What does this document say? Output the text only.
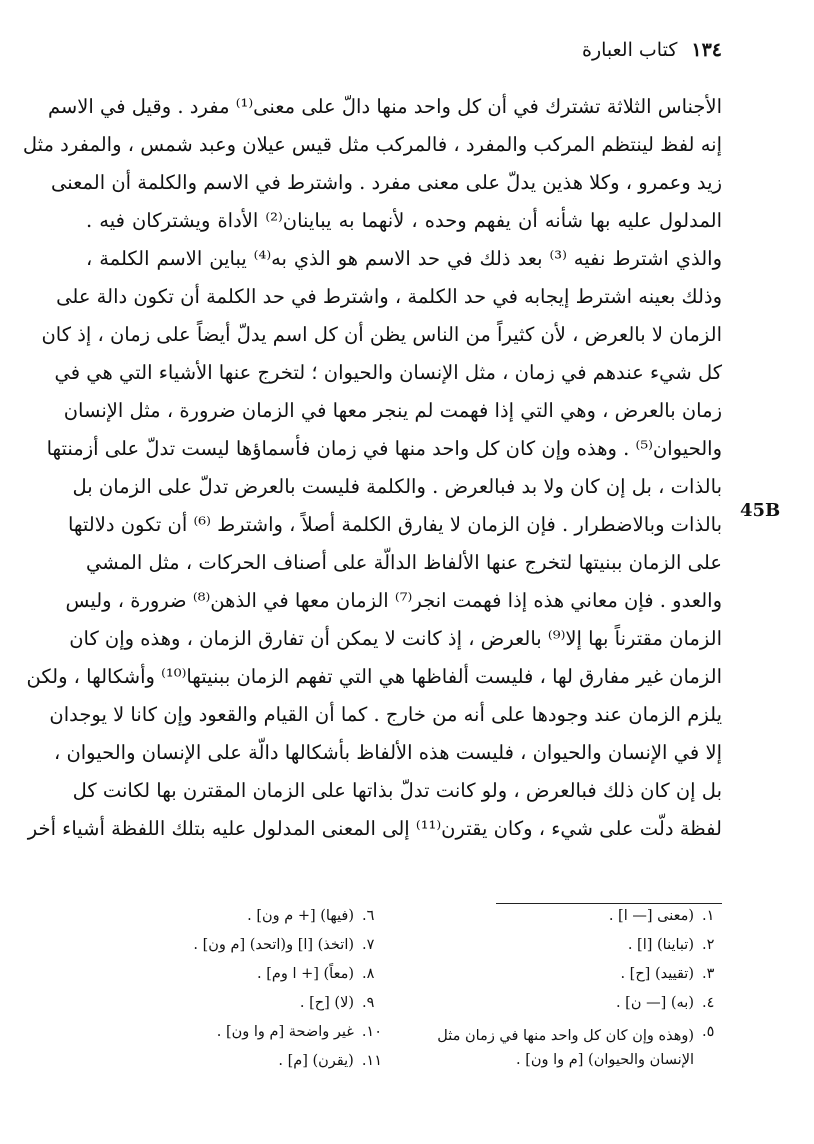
١٣٤
كتاب العبارة
45B
الأجناس الثلاثة تشترك في أن كل واحد منها دالّ على معنى⁽¹⁾ مفرد . وقيل في الاسم
إنه لفظ لينتظم المركب والمفرد ، فالمركب مثل قيس عيلان وعبد شمس ، والمفرد مثل
زيد وعمرو ، وكلا هذين يدلّ على معنى مفرد . واشترط في الاسم والكلمة أن المعنى
المدلول عليه بها شأنه أن يفهم وحده ، لأنهما به يباينان⁽²⁾ الأداة ويشتركان فيه .
والذي اشترط نفيه ⁽³⁾ بعد ذلك في حد الاسم هو الذي به⁽⁴⁾ يباين الاسم الكلمة ،
وذلك بعينه اشترط إيجابه في حد الكلمة ، واشترط في حد الكلمة أن تكون دالة على
الزمان لا بالعرض ، لأن كثيراً من الناس يظن أن كل اسم يدلّ أيضاً على زمان ، إذ كان
كل شيء عندهم في زمان ، مثل الإنسان والحيوان ؛ لتخرج عنها الأشياء التي هي في
زمان بالعرض ، وهي التي إذا فهمت لم ينجر معها في الزمان ضرورة ، مثل الإنسان
والحيوان⁽⁵⁾ . وهذه وإن كان كل واحد منها في زمان فأسماؤها ليست تدلّ على أزمنتها
بالذات ، بل إن كان ولا بد فبالعرض . والكلمة فليست بالعرض تدلّ على الزمان بل
بالذات وبالاضطرار . فإن الزمان لا يفارق الكلمة أصلاً ، واشترط ⁽⁶⁾ أن تكون دلالتها
على الزمان ببنيتها لتخرج عنها الألفاظ الدالّة على أصناف الحركات ، مثل المشي
والعدو . فإن معاني هذه إذا فهمت انجر⁽⁷⁾ الزمان معها في الذهن⁽⁸⁾ ضرورة ، وليس
الزمان مقترناً بها إلا⁽⁹⁾ بالعرض ، إذ كانت لا يمكن أن تفارق الزمان ، وهذه وإن كان
الزمان غير مفارق لها ، فليست ألفاظها هي التي تفهم الزمان ببنيتها⁽¹⁰⁾ وأشكالها ، ولكن
يلزم الزمان عند وجودها على أنه من خارج . كما أن القيام والقعود وإن كانا لا يوجدان
إلا في الإنسان والحيوان ، فليست هذه الألفاظ بأشكالها دالّة على الإنسان والحيوان ،
بل إن كان ذلك فبالعرض ، ولو كانت تدلّ بذاتها على الزمان المقترن بها لكانت كل
لفظة دلّت على شيء ، وكان يقترن⁽¹¹⁾ إلى المعنى المدلول عليه بتلك اللفظة أشياء أخر
١.
(معنى [— ا] .
٢.
(تباينا) [ا] .
٣.
(تقييد) [ح] .
٤.
(به) [— ن] .
٥.
(وهذه وإن كان كل واحد منها في زمان مثل الإنسان والحيوان) [م وا ون] .
٦.
(فيها) [+ م ون] .
٧.
(اتخذ) [ا] و(اتحد) [م ون] .
٨.
(معاً) [+ ا وم] .
٩.
(لا) [ح] .
١٠.
غير واضحة [م وا ون] .
١١.
(يقرن) [م] .
